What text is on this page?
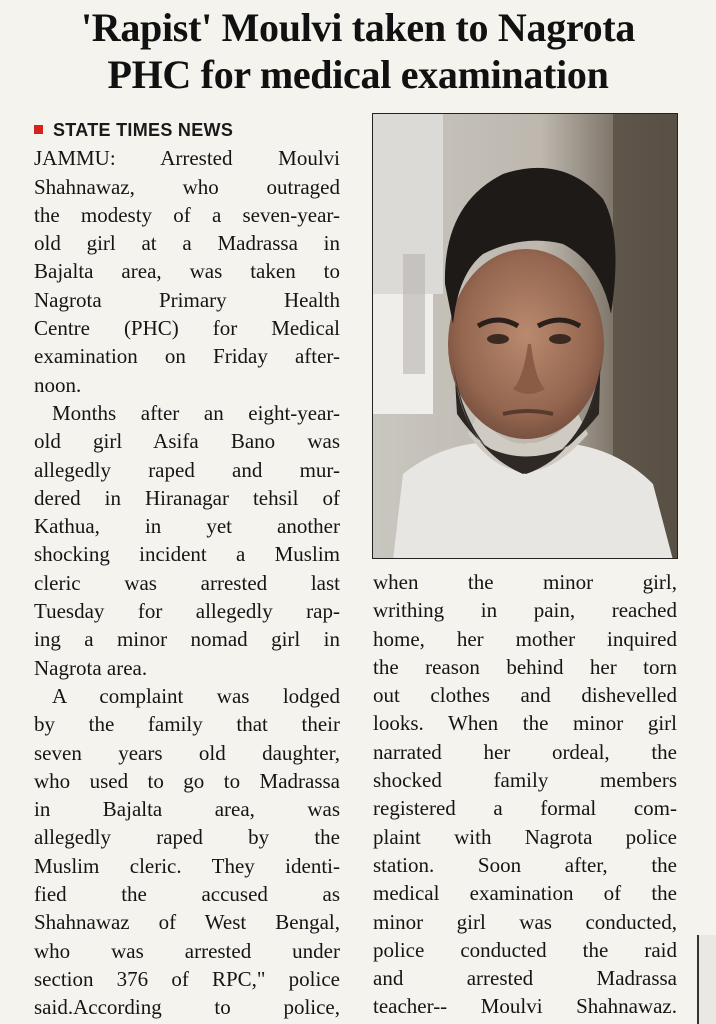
'Rapist' Moulvi taken to Nagrota
PHC for medical examination
STATE TIMES NEWS
JAMMU: Arrested Moulvi
Shahnawaz, who outraged
the modesty of a seven-year-
old girl at a Madrassa in
Bajalta area, was taken to
Nagrota Primary Health
Centre (PHC) for Medical
examination on Friday after-
noon.
Months after an eight-year-
old girl Asifa Bano was
allegedly raped and mur-
dered in Hiranagar tehsil of
Kathua, in yet another
shocking incident a Muslim
cleric was arrested last
Tuesday for allegedly rap-
ing a minor nomad girl in
Nagrota area.
A complaint was lodged
by the family that their
seven years old daughter,
who used to go to Madrassa
in Bajalta area, was
allegedly raped by the
Muslim cleric. They identi-
fied the accused as
Shahnawaz of West Bengal,
who was arrested under
section 376 of RPC," police
said.According to police,
when the minor girl,
writhing in pain, reached
home, her mother inquired
the reason behind her torn
out clothes and dishevelled
looks. When the minor girl
narrated her ordeal, the
shocked family members
registered a formal com-
plaint with Nagrota police
station. Soon after, the
medical examination of the
minor girl was conducted,
police conducted the raid
and arrested Madrassa
teacher-- Moulvi Shahnawaz.
